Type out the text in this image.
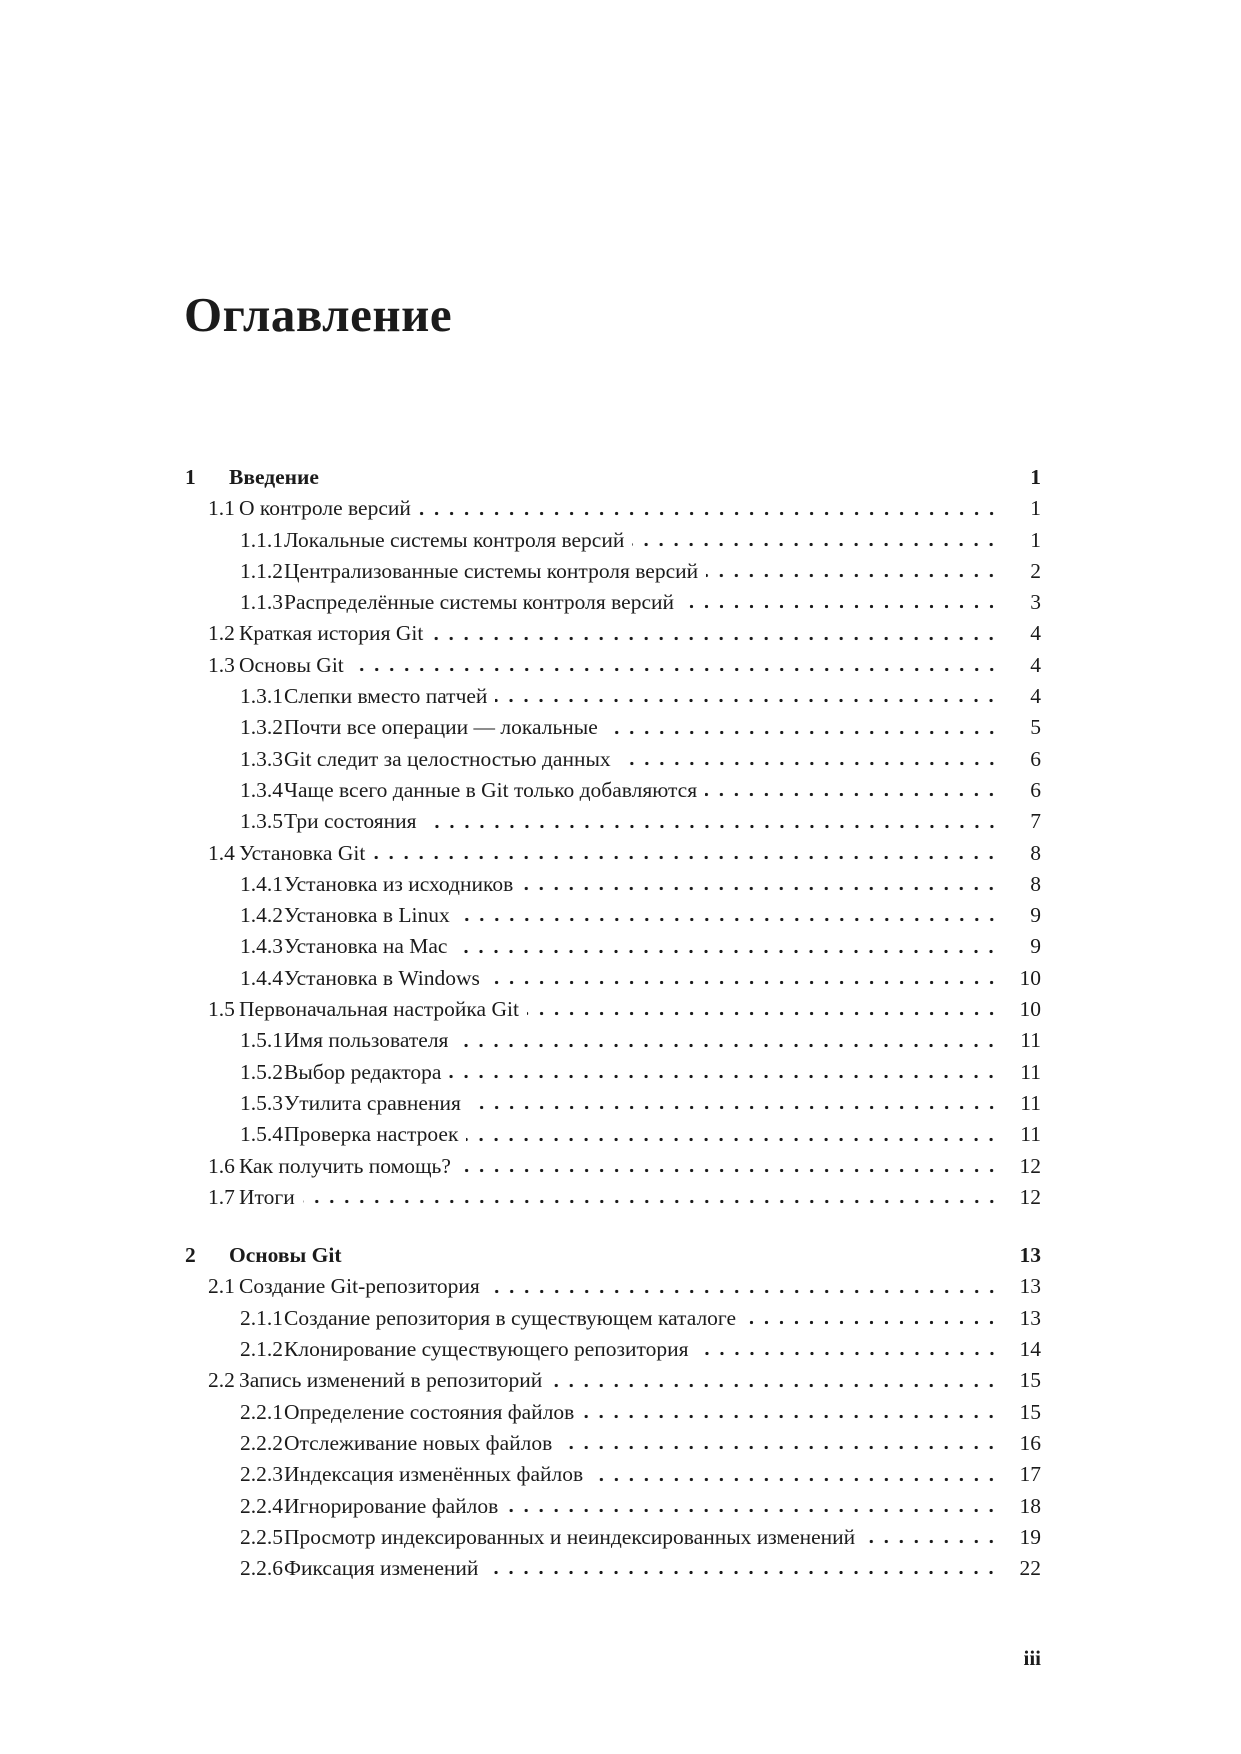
Оглавление
1	Введение	1
1.1 О контроле версий	1
1.1.1 Локальные системы контроля версий	1
1.1.2 Централизованные системы контроля версий	2
1.1.3 Распределённые системы контроля версий	3
1.2 Краткая история Git	4
1.3 Основы Git	4
1.3.1 Слепки вместо патчей	4
1.3.2 Почти все операции — локальные	5
1.3.3 Git следит за целостностью данных	6
1.3.4 Чаще всего данные в Git только добавляются	6
1.3.5 Три состояния	7
1.4 Установка Git	8
1.4.1 Установка из исходников	8
1.4.2 Установка в Linux	9
1.4.3 Установка на Mac	9
1.4.4 Установка в Windows	10
1.5 Первоначальная настройка Git	10
1.5.1 Имя пользователя	11
1.5.2 Выбор редактора	11
1.5.3 Утилита сравнения	11
1.5.4 Проверка настроек	11
1.6 Как получить помощь?	12
1.7 Итоги	12
2	Основы Git	13
2.1 Создание Git-репозитория	13
2.1.1 Создание репозитория в существующем каталоге	13
2.1.2 Клонирование существующего репозитория	14
2.2 Запись изменений в репозиторий	15
2.2.1 Определение состояния файлов	15
2.2.2 Отслеживание новых файлов	16
2.2.3 Индексация изменённых файлов	17
2.2.4 Игнорирование файлов	18
2.2.5 Просмотр индексированных и неиндексированных изменений	19
2.2.6 Фиксация изменений	22
iii
